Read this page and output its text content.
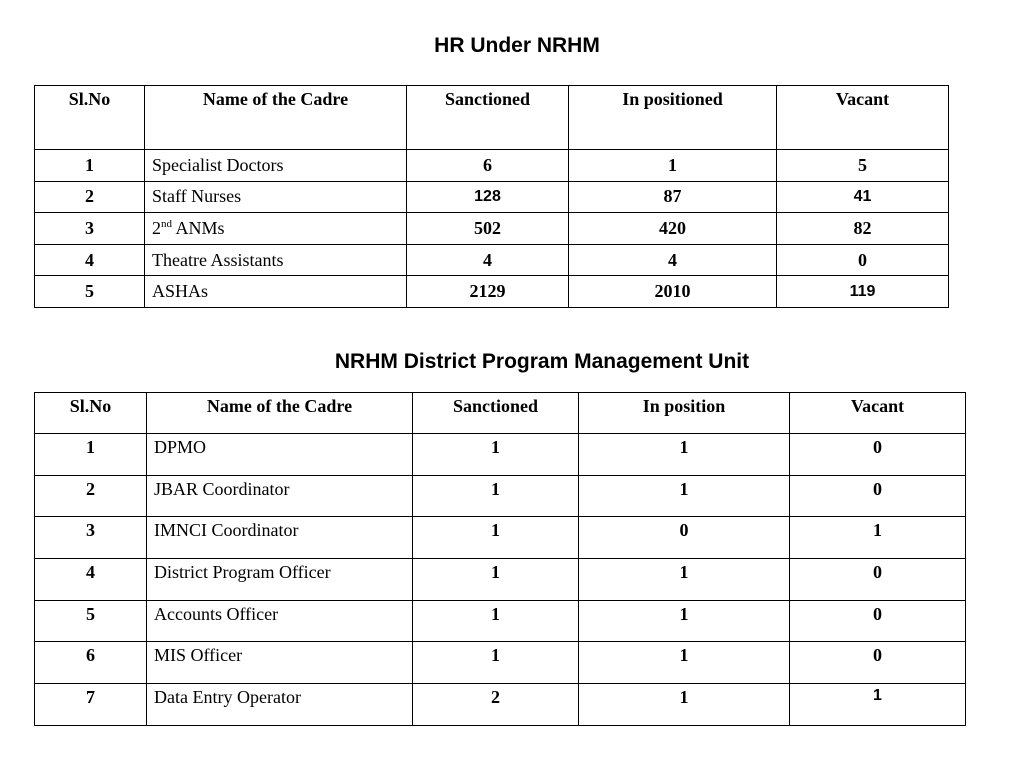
HR Under NRHM
Sl.No	Name of the Cadre	Sanctioned	In positioned	Vacant
1	Specialist Doctors	6	1	5
2	Staff Nurses	128	87	41
3	2nd ANMs	502	420	82
4	Theatre Assistants	4	4	0
5	ASHAs	2129	2010	119
NRHM District Program Management Unit
Sl.No	Name of the Cadre	Sanctioned	In position	Vacant
1	DPMO	1	1	0
2	JBAR Coordinator	1	1	0
3	IMNCI Coordinator	1	0	1
4	District Program Officer	1	1	0
5	Accounts Officer	1	1	0
6	MIS Officer	1	1	0
7	Data Entry Operator	2	1	1
